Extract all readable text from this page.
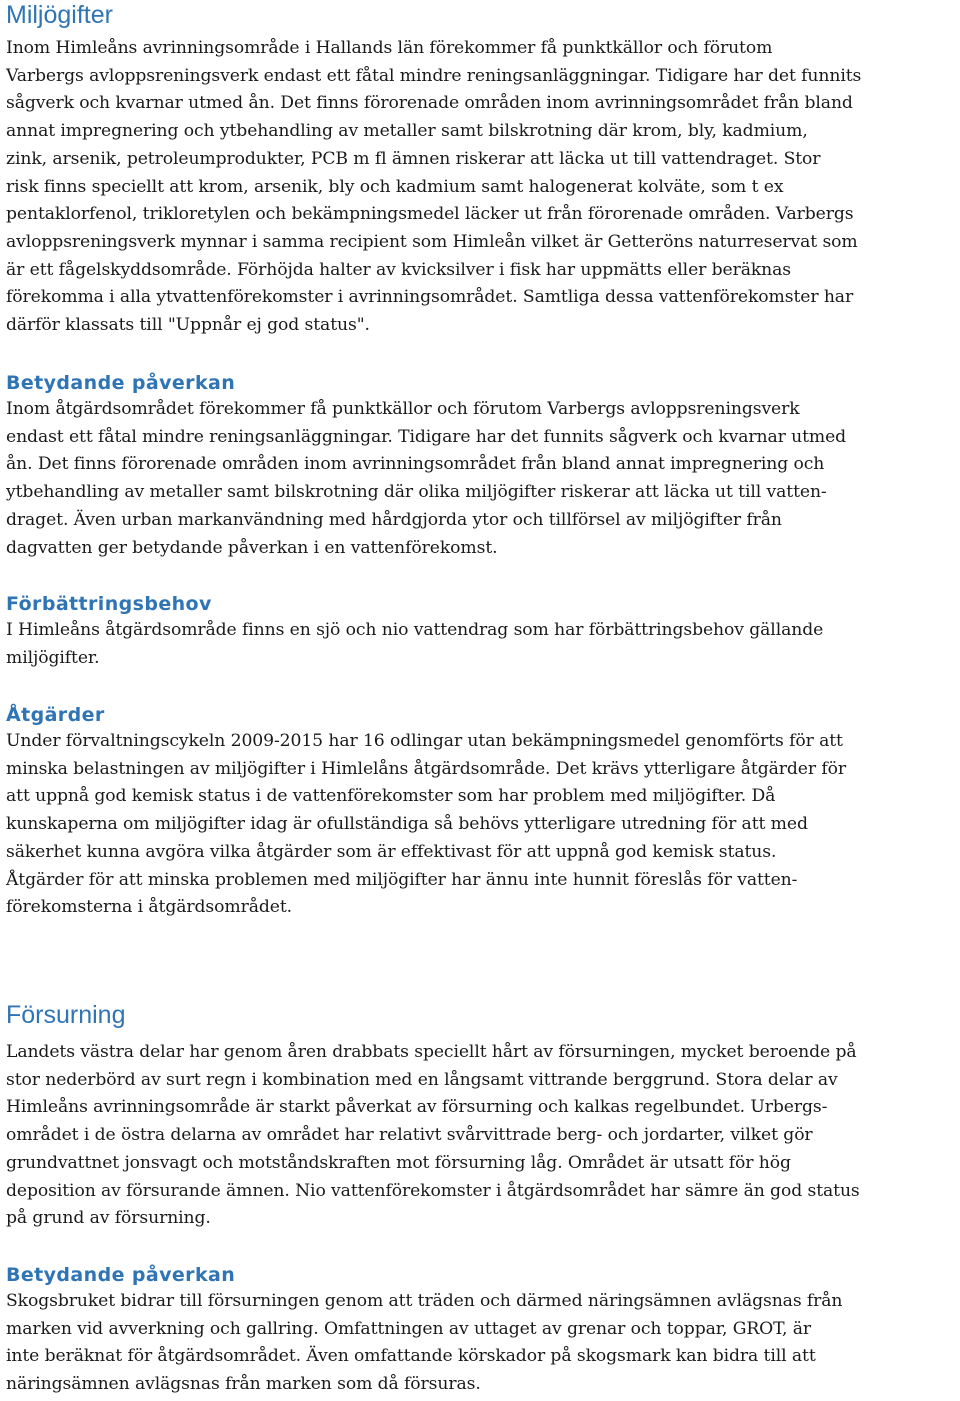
Miljögifter

Inom Himleåns avrinningsområde i Hallands län förekommer få punktkällor och förutom
Varbergs avloppsreningsverk endast ett fåtal mindre reningsanläggningar. Tidigare har det funnits
sågverk och kvarnar utmed ån. Det finns förorenade områden inom avrinningsområdet från bland
annat impregnering och ytbehandling av metaller samt bilskrotning där krom, bly, kadmium,
zink, arsenik, petroleumprodukter, PCB m fl ämnen riskerar att läcka ut till vattendraget. Stor
risk finns speciellt att krom, arsenik, bly och kadmium samt halogenerat kolväte, som t ex
pentaklorfenol, trikloretylen och bekämpningsmedel läcker ut från förorenade områden. Varbergs
avloppsreningsverk mynnar i samma recipient som Himleån vilket är Getteröns naturreservat som
är ett fågelskyddsområde. Förhöjda halter av kvicksilver i fisk har uppmätts eller beräknas
förekomma i alla ytvattenförekomster i avrinningsområdet. Samtliga dessa vattenförekomster har
därför klassats till "Uppnår ej god status".

Betydande påverkan

Inom åtgärdsområdet förekommer få punktkällor och förutom Varbergs avloppsreningsverk
endast ett fåtal mindre reningsanläggningar. Tidigare har det funnits sågverk och kvarnar utmed
ån. Det finns förorenade områden inom avrinningsområdet från bland annat impregnering och
ytbehandling av metaller samt bilskrotning där olika miljögifter riskerar att läcka ut till vatten-
draget. Även urban markanvändning med hårdgjorda ytor och tillförsel av miljögifter från
dagvatten ger betydande påverkan i en vattenförekomst.

Förbättringsbehov

I Himleåns åtgärdsområde finns en sjö och nio vattendrag som har förbättringsbehov gällande
miljögifter.

Åtgärder

Under förvaltningscykeln 2009-2015 har 16 odlingar utan bekämpningsmedel genomförts för att
minska belastningen av miljögifter i Himlelåns åtgärdsområde. Det krävs ytterligare åtgärder för
att uppnå god kemisk status i de vattenförekomster som har problem med miljögifter. Då
kunskaperna om miljögifter idag är ofullständiga så behövs ytterligare utredning för att med
säkerhet kunna avgöra vilka åtgärder som är effektivast för att uppnå god kemisk status.
Åtgärder för att minska problemen med miljögifter har ännu inte hunnit föreslås för vatten-
förekomsterna i åtgärdsområdet.

Försurning

Landets västra delar har genom åren drabbats speciellt hårt av försurningen, mycket beroende på
stor nederbörd av surt regn i kombination med en långsamt vittrande berggrund. Stora delar av
Himleåns avrinningsområde är starkt påverkat av försurning och kalkas regelbundet. Urbergs-
området i de östra delarna av området har relativt svårvittrade berg- och jordarter, vilket gör
grundvattnet jonsvagt och motståndskraften mot försurning låg. Området är utsatt för hög
deposition av försurande ämnen. Nio vattenförekomster i åtgärdsområdet har sämre än god status
på grund av försurning.

Betydande påverkan

Skogsbruket bidrar till försurningen genom att träden och därmed näringsämnen avlägsnas från
marken vid avverkning och gallring. Omfattningen av uttaget av grenar och toppar, GROT, är
inte beräknat för åtgärdsområdet. Även omfattande körskador på skogsmark kan bidra till att
näringsämnen avlägsnas från marken som då försuras.
